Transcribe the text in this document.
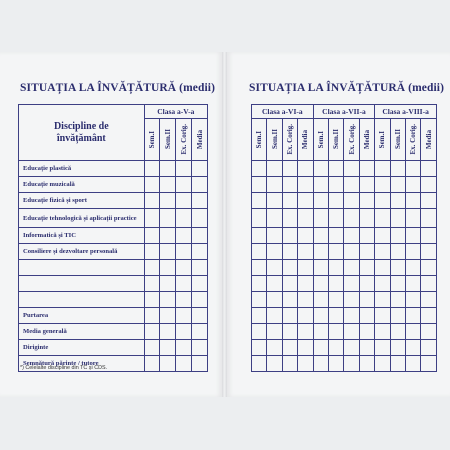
SITUAȚIA LA ÎNVĂȚĂTURĂ (medii)	SITUAȚIA LA ÎNVĂȚĂTURĂ (medii)
Discipline de
învățământ	Clasa a-V-a			

	Sem.I	Sem.II	Ex. Corig.	Media

Educație plastică				
Educație muzicală				
Educație fizică și sport				
Educație tehnologică și aplicații practice				
Informatică și TIC				
Consiliere și dezvoltare personală				

Purtarea				
Media generală				
Diriginte				
Semnătură părinte / tutore				
Clasa a-VI-a				Clasa a-VII-a				Clasa a-VIII-a			

Sem.I	Sem.II	Ex. Corig.	Media	Sem.I	Sem.II	Ex. Corig.	Media	Sem.I	Sem.II	Ex. Corig.	Media

*) Celelalte discipline din TC și CDS.
